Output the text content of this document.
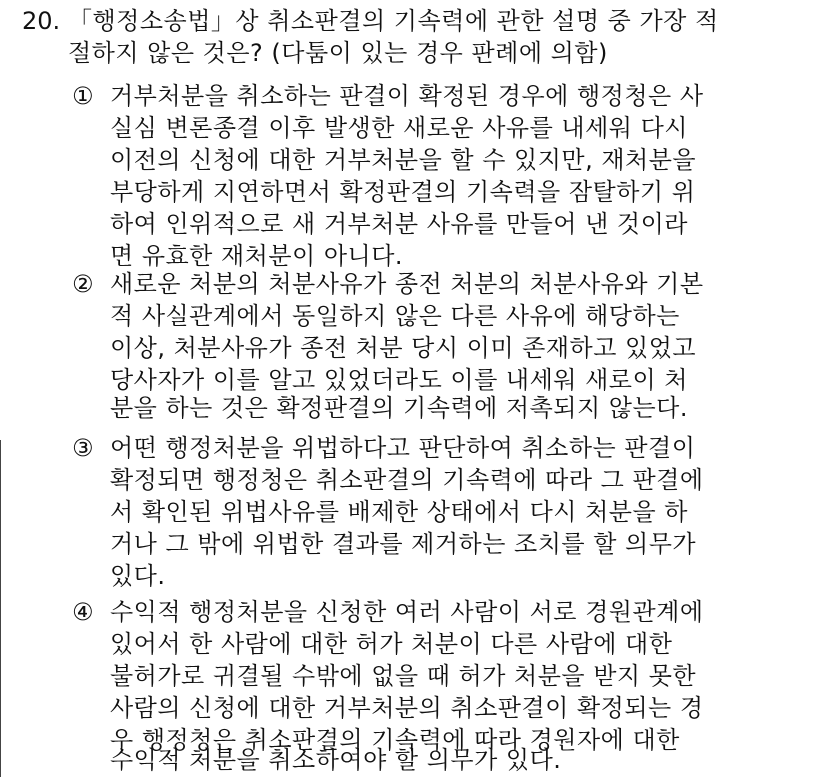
20. 「행정소송법」상 취소판결의 기속력에 관한 설명 중 가장 적
절하지 않은 것은? (다툼이 있는 경우 판례에 의함)
① 거부처분을 취소하는 판결이 확정된 경우에 행정청은 사
실심 변론종결 이후 발생한 새로운 사유를 내세워 다시
이전의 신청에 대한 거부처분을 할 수 있지만, 재처분을
부당하게 지연하면서 확정판결의 기속력을 잠탈하기 위
하여 인위적으로 새 거부처분 사유를 만들어 낸 것이라
면 유효한 재처분이 아니다.
② 새로운 처분의 처분사유가 종전 처분의 처분사유와 기본
적 사실관계에서 동일하지 않은 다른 사유에 해당하는
이상, 처분사유가 종전 처분 당시 이미 존재하고 있었고
당사자가 이를 알고 있었더라도 이를 내세워 새로이 처
분을 하는 것은 확정판결의 기속력에 저촉되지 않는다.
③ 어떤 행정처분을 위법하다고 판단하여 취소하는 판결이
확정되면 행정청은 취소판결의 기속력에 따라 그 판결에
서 확인된 위법사유를 배제한 상태에서 다시 처분을 하
거나 그 밖에 위법한 결과를 제거하는 조치를 할 의무가
있다.
④ 수익적 행정처분을 신청한 여러 사람이 서로 경원관계에
있어서 한 사람에 대한 허가 처분이 다른 사람에 대한
불허가로 귀결될 수밖에 없을 때 허가 처분을 받지 못한
사람의 신청에 대한 거부처분의 취소판결이 확정되는 경
우 행정청은 취소판결의 기속력에 따라 경원자에 대한
수익적 처분을 취소하여야 할 의무가 있다.
